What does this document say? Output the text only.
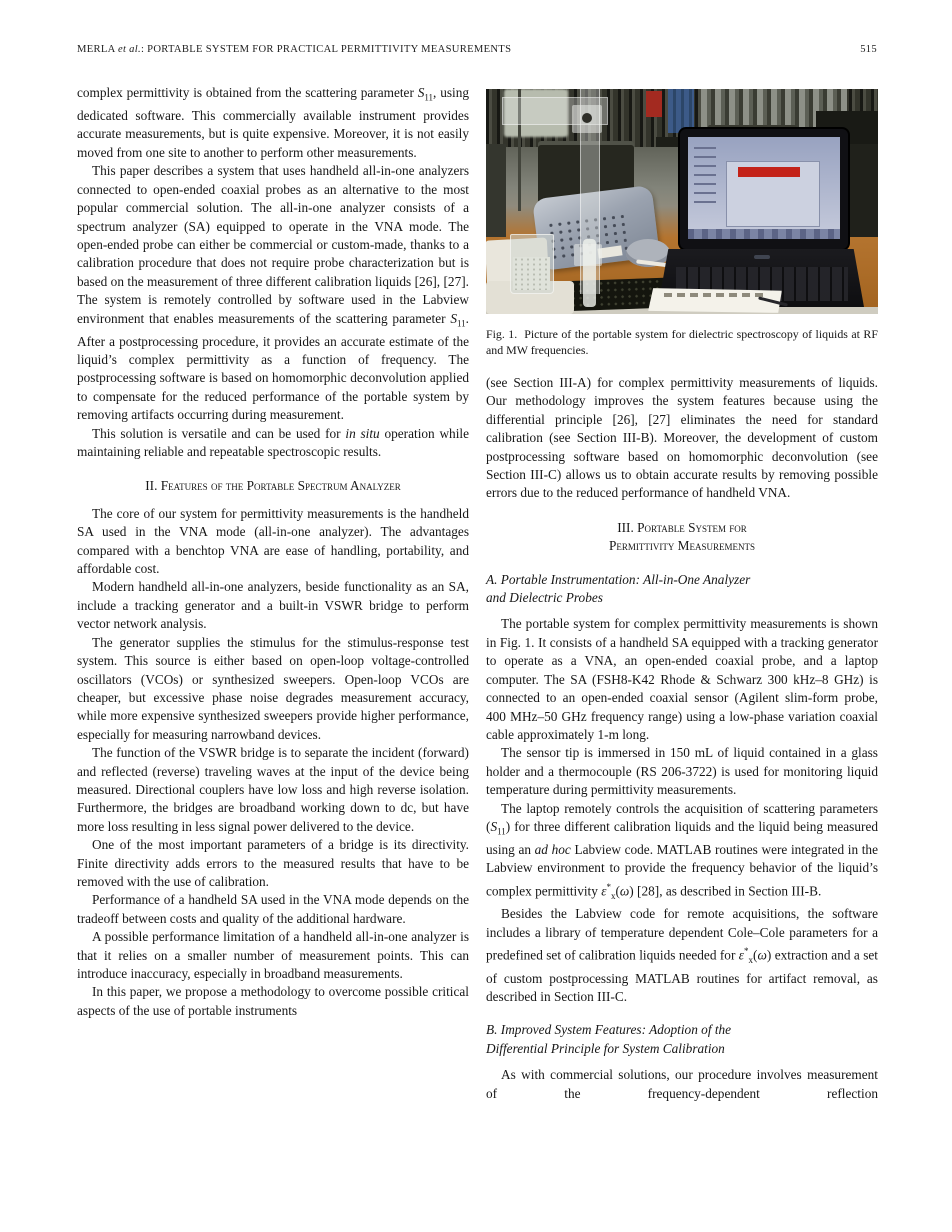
MERLA et al.: PORTABLE SYSTEM FOR PRACTICAL PERMITTIVITY MEASUREMENTS	515

complex permittivity is obtained from the scattering parameter $S_{11}$, using dedicated software. This commercially available instrument provides accurate measurements, but is quite expensive. Moreover, it is not easily moved from one site to another to perform other measurements.

This paper describes a system that uses handheld all-in-one analyzers connected to open-ended coaxial probes as an alternative to the most popular commercial solution. The all-in-one analyzer consists of a spectrum analyzer (SA) equipped to operate in the VNA mode. The open-ended probe can either be commercial or custom-made, thanks to a calibration procedure that does not require probe characterization but is based on the measurement of three different calibration liquids [26], [27]. The system is remotely controlled by software used in the Labview environment that enables measurements of the scattering parameter $S_{11}$. After a postprocessing procedure, it provides an accurate estimate of the liquid’s complex permittivity as a function of frequency. The postprocessing software is based on homomorphic deconvolution applied to compensate for the reduced performance of the portable system by removing artifacts occurring during measurement.

This solution is versatile and can be used for in situ operation while maintaining reliable and repeatable spectroscopic results.

II. Features of the Portable Spectrum Analyzer

The core of our system for permittivity measurements is the handheld SA used in the VNA mode (all-in-one analyzer). The advantages compared with a benchtop VNA are ease of handling, portability, and affordable cost.

Modern handheld all-in-one analyzers, beside functionality as an SA, include a tracking generator and a built-in VSWR bridge to perform vector network analysis.

The generator supplies the stimulus for the stimulus-response test system. This source is either based on open-loop voltage-controlled oscillators (VCOs) or synthesized sweepers. Open-loop VCOs are cheaper, but excessive phase noise degrades measurement accuracy, while more expensive synthesized sweepers provide higher performance, especially for measuring narrowband devices.

The function of the VSWR bridge is to separate the incident (forward) and reflected (reverse) traveling waves at the input of the device being measured. Directional couplers have low loss and high reverse isolation. Furthermore, the bridges are broadband working down to dc, but have more loss resulting in less signal power delivered to the device.

One of the most important parameters of a bridge is its directivity. Finite directivity adds errors to the measured results that have to be removed with the use of calibration.

Performance of a handheld SA used in the VNA mode depends on the tradeoff between costs and quality of the additional hardware.

A possible performance limitation of a handheld all-in-one analyzer is that it relies on a smaller number of measurement points. This can introduce inaccuracy, especially in broadband measurements.

In this paper, we propose a methodology to overcome possible critical aspects of the use of portable instruments

Fig. 1. Picture of the portable system for dielectric spectroscopy of liquids at RF and MW frequencies.

(see Section III-A) for complex permittivity measurements of liquids. Our methodology improves the system features because using the differential principle [26], [27] eliminates the need for standard calibration (see Section III-B). Moreover, the development of custom postprocessing software based on homomorphic deconvolution (see Section III-C) allows us to obtain accurate results by removing possible errors due to the reduced performance of handheld VNA.

III. Portable System for
Permittivity Measurements
A. Portable Instrumentation: All-in-One Analyzer
and Dielectric Probes

The portable system for complex permittivity measurements is shown in Fig. 1. It consists of a handheld SA equipped with a tracking generator to operate as a VNA, an open-ended coaxial probe, and a laptop computer. The SA (FSH8-K42 Rhode & Schwarz 300 kHz–8 GHz) is connected to an open-ended coaxial sensor (Agilent slim-form probe, 400 MHz–50 GHz frequency range) using a low-phase variation coaxial cable approximately 1-m long.

The sensor tip is immersed in 150 mL of liquid contained in a glass holder and a thermocouple (RS 206-3722) is used for monitoring liquid temperature during permittivity measurements.

The laptop remotely controls the acquisition of scattering parameters $(S_{11})$ for three different calibration liquids and the liquid being measured using an ad hoc Labview code. MATLAB routines were integrated in the Labview environment to provide the frequency behavior of the liquid’s complex permittivity $\varepsilon^*_x(\omega)$ [28], as described in Section III-B.

Besides the Labview code for remote acquisitions, the software includes a library of temperature dependent Cole–Cole parameters for a predefined set of calibration liquids needed for $\varepsilon^*_x(\omega)$ extraction and a set of custom postprocessing MATLAB routines for artifact removal, as described in Section III-C.

B. Improved System Features: Adoption of the
Differential Principle for System Calibration

As with commercial solutions, our procedure involves measurement of the frequency-dependent reflection
